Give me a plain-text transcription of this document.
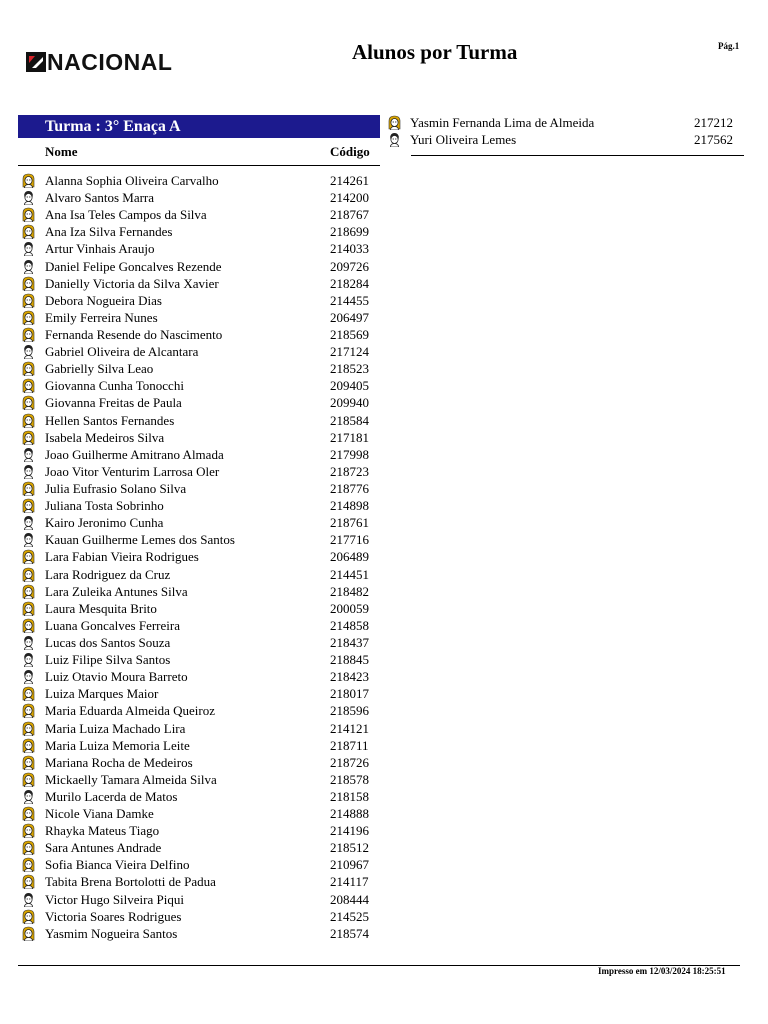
NACIONAL	Alunos por Turma	Pág.1
Turma : 3° Enaça A
Nome	Código
Alanna Sophia Oliveira Carvalho	214261
Alvaro Santos Marra	214200
Ana Isa Teles Campos da Silva	218767
Ana Iza Silva Fernandes	218699
Artur Vinhais Araujo	214033
Daniel Felipe Goncalves Rezende	209726
Danielly Victoria da Silva Xavier	218284
Debora Nogueira Dias	214455
Emily Ferreira Nunes	206497
Fernanda Resende do Nascimento	218569
Gabriel Oliveira de Alcantara	217124
Gabrielly Silva Leao	218523
Giovanna Cunha Tonocchi	209405
Giovanna Freitas de Paula	209940
Hellen Santos Fernandes	218584
Isabela Medeiros Silva	217181
Joao Guilherme Amitrano Almada	217998
Joao Vitor Venturim Larrosa Oler	218723
Julia Eufrasio Solano Silva	218776
Juliana Tosta Sobrinho	214898
Kairo Jeronimo Cunha	218761
Kauan Guilherme Lemes dos Santos	217716
Lara Fabian Vieira Rodrigues	206489
Lara Rodriguez da Cruz	214451
Lara Zuleika Antunes Silva	218482
Laura Mesquita Brito	200059
Luana Goncalves Ferreira	214858
Lucas dos Santos Souza	218437
Luiz Filipe Silva Santos	218845
Luiz Otavio Moura Barreto	218423
Luiza Marques Maior	218017
Maria Eduarda Almeida Queiroz	218596
Maria Luiza Machado Lira	214121
Maria Luiza Memoria Leite	218711
Mariana Rocha de Medeiros	218726
Mickaelly Tamara Almeida Silva	218578
Murilo Lacerda de Matos	218158
Nicole Viana Damke	214888
Rhayka Mateus Tiago	214196
Sara Antunes Andrade	218512
Sofia Bianca Vieira Delfino	210967
Tabita Brena Bortolotti de Padua	214117
Victor Hugo Silveira Piqui	208444
Victoria Soares Rodrigues	214525
Yasmim Nogueira Santos	218574
Yasmin Fernanda Lima de Almeida	217212
Yuri Oliveira Lemes	217562
Impresso em 12/03/2024 18:25:51
